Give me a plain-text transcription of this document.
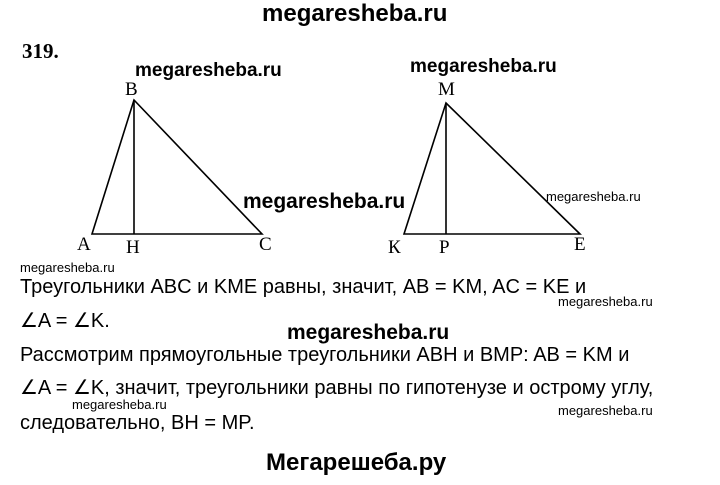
megaresheba.ru
319.
B
A H	C
M
К P	E
megaresheba.ru	megaresheba.ru
megaresheba.ru
megaresheba.ru
megaresheba.ru
megaresheba.ru
megaresheba.ru
megaresheba.ru	megaresheba.ru
Треугольники ABC и KME равны, значит, AB = KM, AC = KE и
∠A = ∠K.
Рассмотрим прямоугольные треугольники ABH и BMP: AB = KM и
∠A = ∠K, значит, треугольники равны по гипотенузе и острому углу,
следовательно, BH = MP.
Мегарешеба.ру
